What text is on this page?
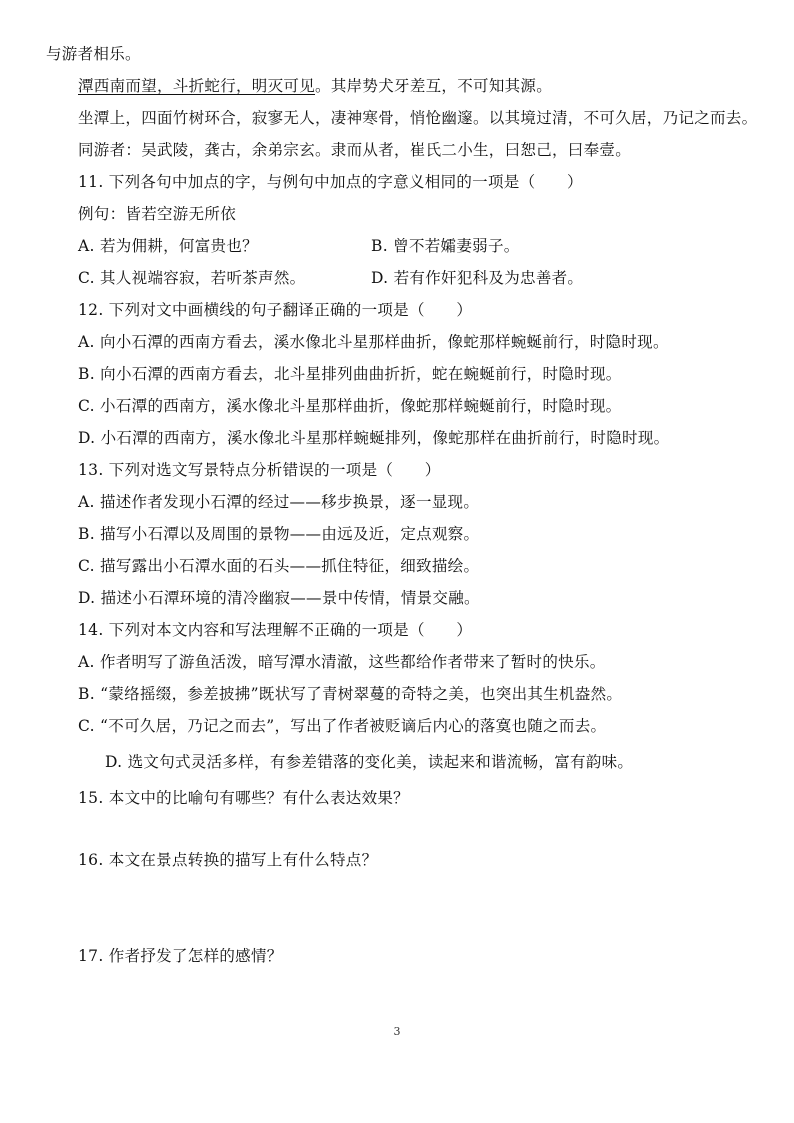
与游者相乐。
潭西南而望，斗折蛇行，明灭可见。其岸势犬牙差互，不可知其源。
坐潭上，四面竹树环合，寂寥无人，凄神寒骨，悄怆幽邃。以其境过清，不可久居，乃记之而去。
同游者：吴武陵，龚古，余弟宗玄。隶而从者，崔氏二小生，曰恕己，曰奉壹。
11. 下列各句中加点的字，与例句中加点的字意义相同的一项是（　　）
例句：皆若空游无所依
A. 若为佣耕，何富贵也？	B. 曾不若孀妻弱子。
C. 其人视端容寂，若听茶声然。	D. 若有作奸犯科及为忠善者。
12. 下列对文中画横线的句子翻译正确的一项是（　　）
A. 向小石潭的西南方看去，溪水像北斗星那样曲折，像蛇那样蜿蜒前行，时隐时现。
B. 向小石潭的西南方看去，北斗星排列曲曲折折，蛇在蜿蜒前行，时隐时现。
C. 小石潭的西南方，溪水像北斗星那样曲折，像蛇那样蜿蜒前行，时隐时现。
D. 小石潭的西南方，溪水像北斗星那样蜿蜒排列，像蛇那样在曲折前行，时隐时现。
13. 下列对选文写景特点分析错误的一项是（　　）
A. 描述作者发现小石潭的经过——移步换景，逐一显现。
B. 描写小石潭以及周围的景物——由远及近，定点观察。
C. 描写露出小石潭水面的石头——抓住特征，细致描绘。
D. 描述小石潭环境的清冷幽寂——景中传情，情景交融。
14. 下列对本文内容和写法理解不正确的一项是（　　）
A. 作者明写了游鱼活泼，暗写潭水清澈，这些都给作者带来了暂时的快乐。
B. “蒙络摇缀，参差披拂”既状写了青树翠蔓的奇特之美，也突出其生机盎然。
C. “不可久居，乃记之而去”，写出了作者被贬谪后内心的落寞也随之而去。
D. 选文句式灵活多样，有参差错落的变化美，读起来和谐流畅，富有韵味。
15. 本文中的比喻句有哪些？有什么表达效果？
16. 本文在景点转换的描写上有什么特点？
17. 作者抒发了怎样的感情？
3
